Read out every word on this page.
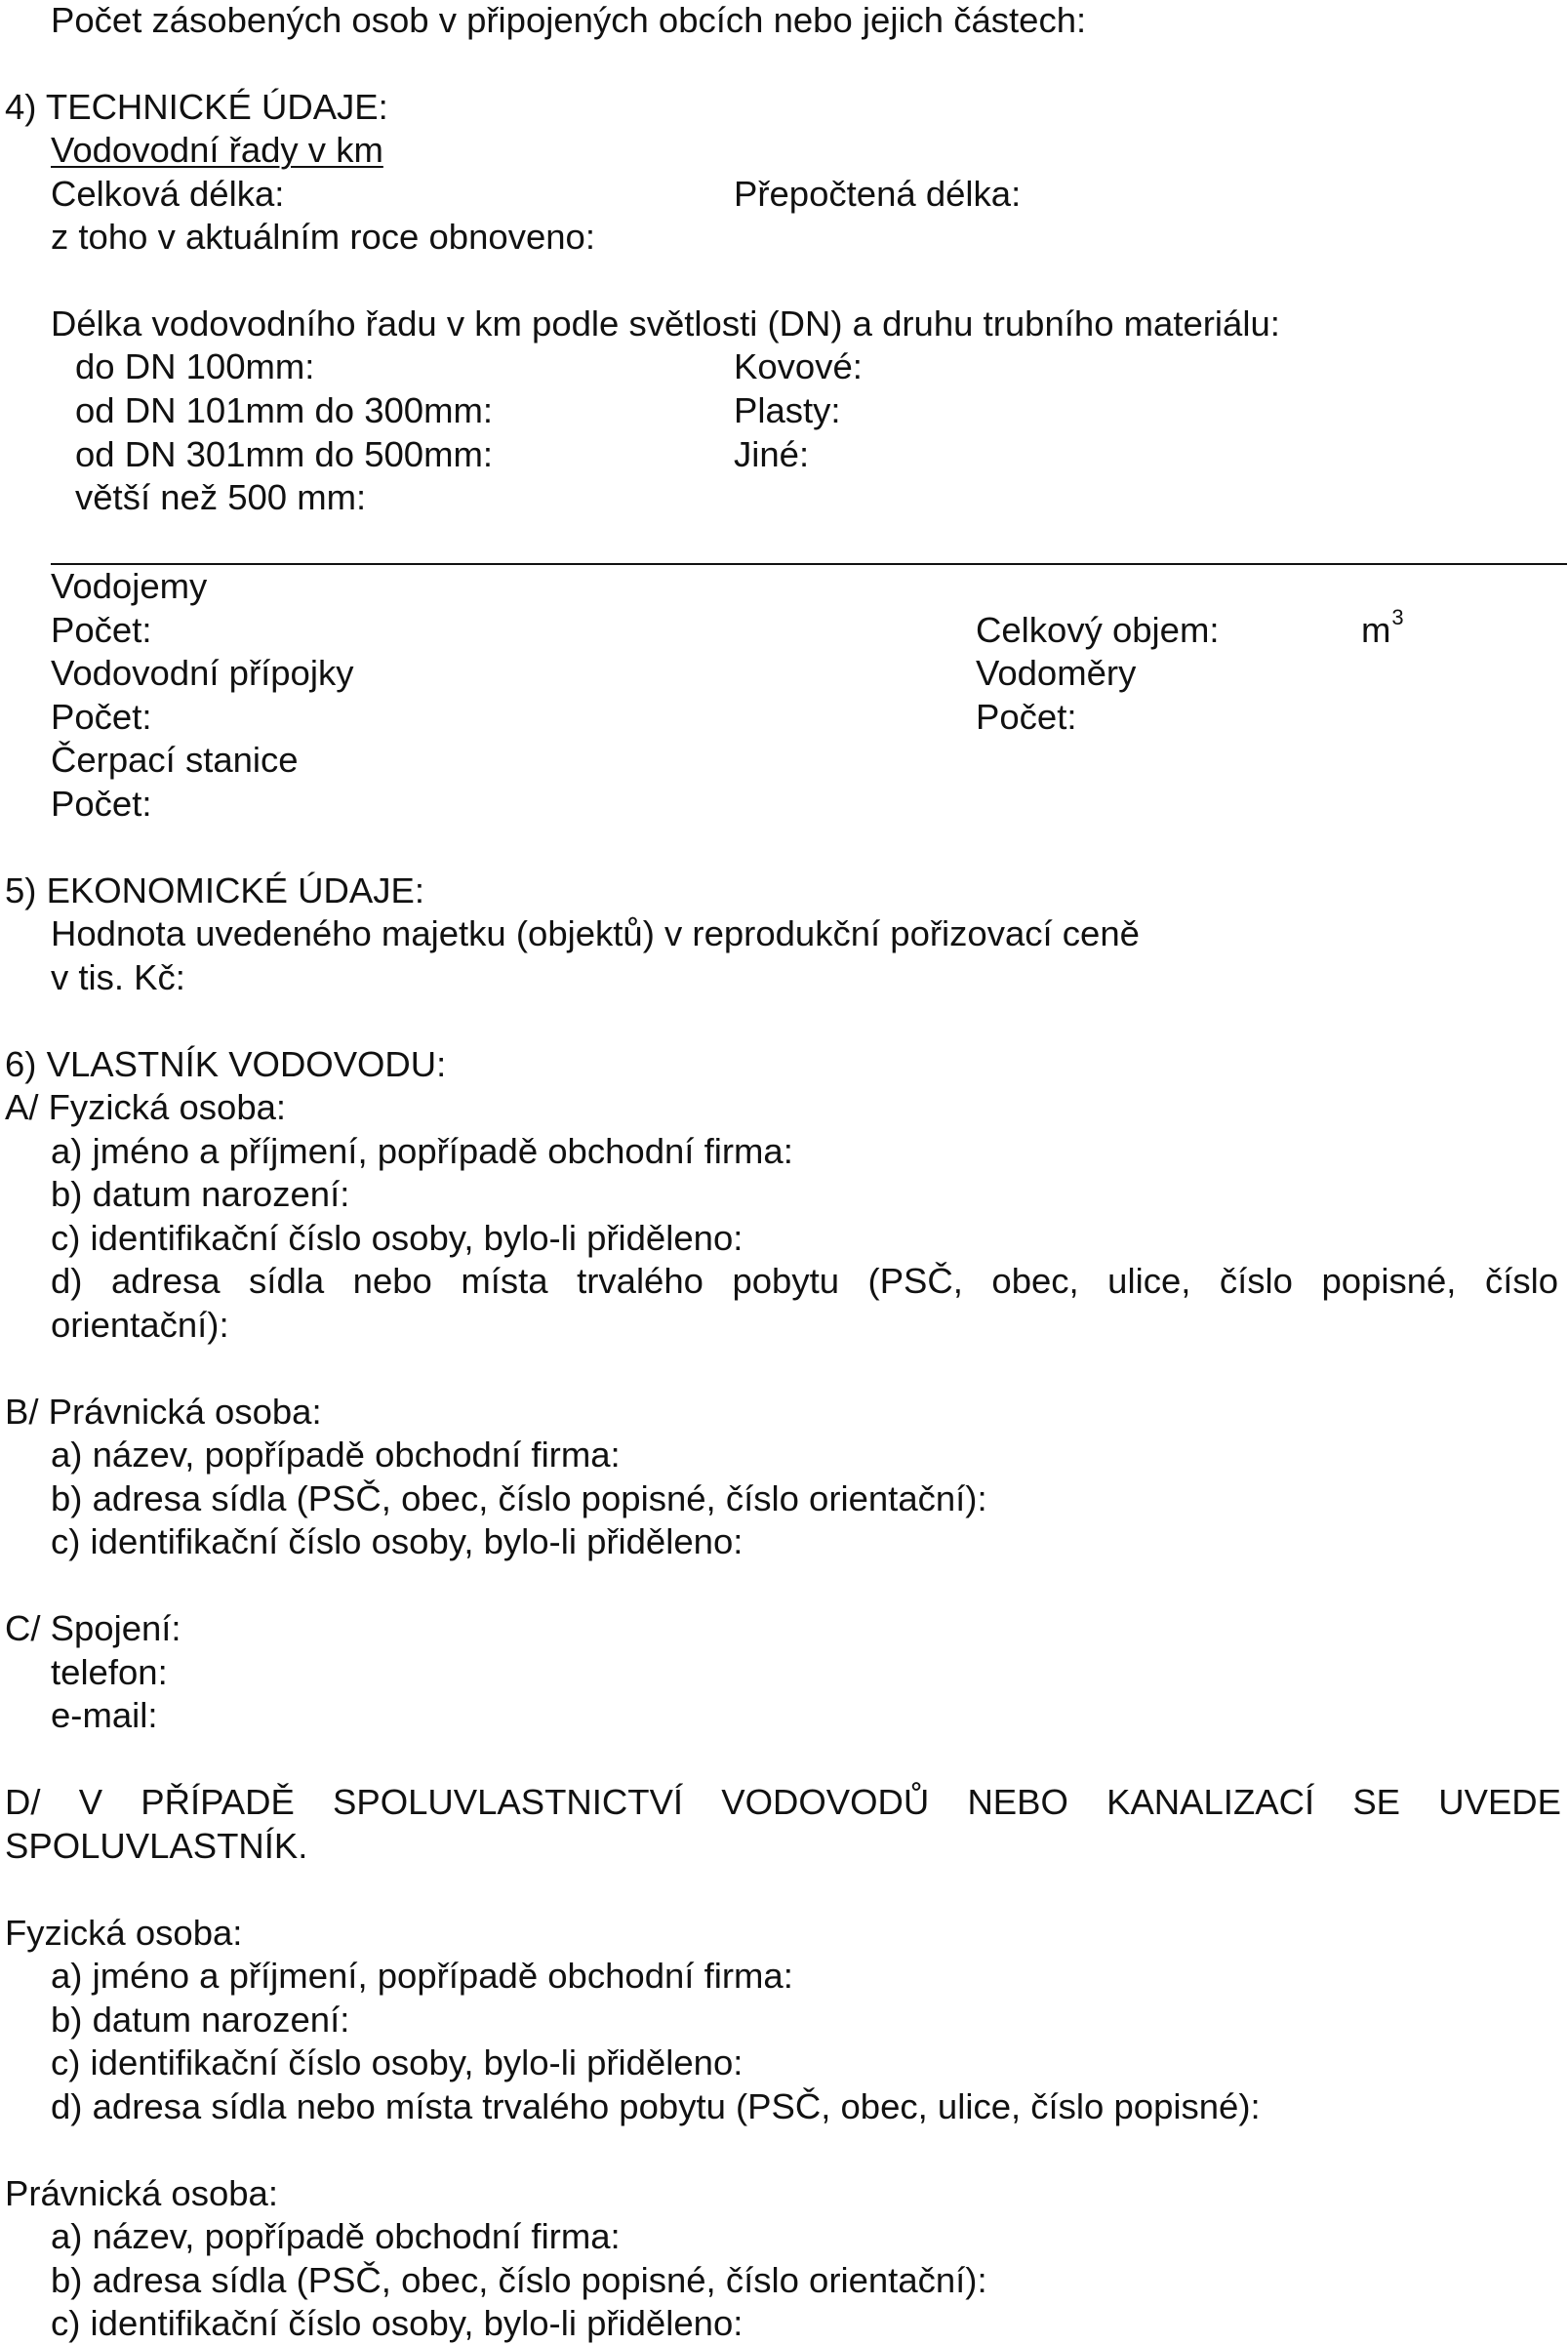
Počet zásobených osob v připojených obcích nebo jejich částech:
4) TECHNICKÉ ÚDAJE:
Vodovodní řady v km
Celková délka:	Přepočtená délka:
z toho v aktuálním roce obnoveno:
Délka vodovodního řadu v km podle světlosti (DN) a druhu trubního materiálu:
do DN 100mm:	Kovové:
od DN 101mm do 300mm:	Plasty:
od DN 301mm do 500mm:	Jiné:
větší než 500 mm:
Vodojemy
Počet:	Celkový objem:	$m^3$
Vodovodní přípojky	Vodoměry
Počet:	Počet:
Čerpací stanice
Počet:
5) EKONOMICKÉ ÚDAJE:
Hodnota uvedeného majetku (objektů) v reprodukční pořizovací ceně
v tis. Kč:
6) VLASTNÍK VODOVODU:
A/ Fyzická osoba:
a) jméno a příjmení, popřípadě obchodní firma:
b) datum narození:
c) identifikační číslo osoby, bylo-li přiděleno:
d) adresa sídla nebo místa trvalého pobytu (PSČ, obec, ulice, číslo popisné, číslo
orientační):
B/ Právnická osoba:
a) název, popřípadě obchodní firma:
b) adresa sídla (PSČ, obec, číslo popisné, číslo orientační):
c) identifikační číslo osoby, bylo-li přiděleno:
C/ Spojení:
telefon:
e-mail:
D/ V PŘÍPADĚ SPOLUVLASTNICTVÍ VODOVODŮ NEBO KANALIZACÍ SE UVEDE
SPOLUVLASTNÍK.
Fyzická osoba:
a) jméno a příjmení, popřípadě obchodní firma:
b) datum narození:
c) identifikační číslo osoby, bylo-li přiděleno:
d) adresa sídla nebo místa trvalého pobytu (PSČ, obec, ulice, číslo popisné):
Právnická osoba:
a) název, popřípadě obchodní firma:
b) adresa sídla (PSČ, obec, číslo popisné, číslo orientační):
c) identifikační číslo osoby, bylo-li přiděleno:
